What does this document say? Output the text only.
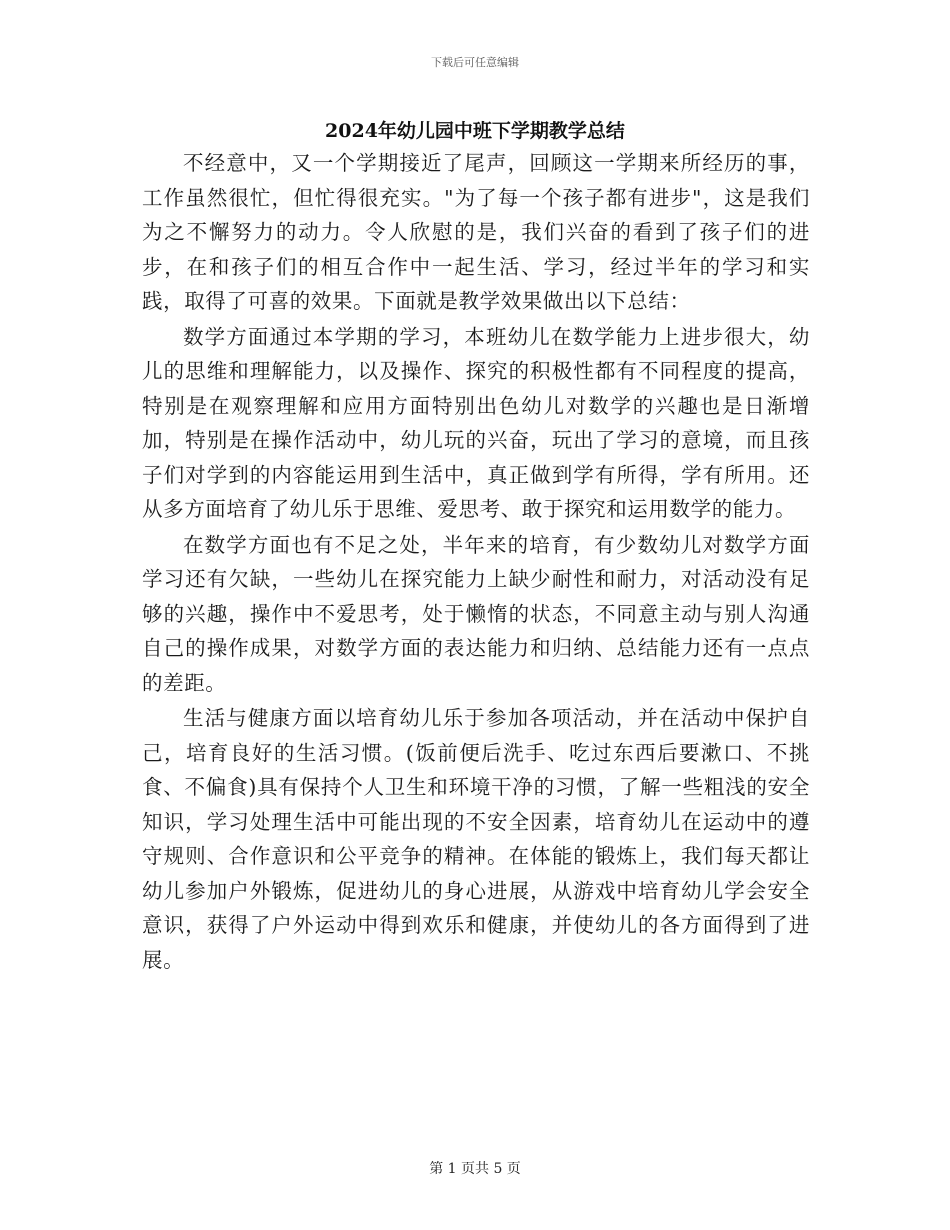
下载后可任意编辑
2024年幼儿园中班下学期教学总结

不经意中，又一个学期接近了尾声，回顾这一学期来所经历的事，工作虽然很忙，但忙得很充实。"为了每一个孩子都有进步"，这是我们为之不懈努力的动力。令人欣慰的是，我们兴奋的看到了孩子们的进步，在和孩子们的相互合作中一起生活、学习，经过半年的学习和实践，取得了可喜的效果。下面就是教学效果做出以下总结：

数学方面通过本学期的学习，本班幼儿在数学能力上进步很大，幼儿的思维和理解能力，以及操作、探究的积极性都有不同程度的提高，特别是在观察理解和应用方面特别出色幼儿对数学的兴趣也是日渐增加，特别是在操作活动中，幼儿玩的兴奋，玩出了学习的意境，而且孩子们对学到的内容能运用到生活中，真正做到学有所得，学有所用。还从多方面培育了幼儿乐于思维、爱思考、敢于探究和运用数学的能力。

在数学方面也有不足之处，半年来的培育，有少数幼儿对数学方面学习还有欠缺，一些幼儿在探究能力上缺少耐性和耐力，对活动没有足够的兴趣，操作中不爱思考，处于懒惰的状态，不同意主动与别人沟通自己的操作成果，对数学方面的表达能力和归纳、总结能力还有一点点的差距。

生活与健康方面以培育幼儿乐于参加各项活动，并在活动中保护自己，培育良好的生活习惯。(饭前便后洗手、吃过东西后要漱口、不挑食、不偏食)具有保持个人卫生和环境干净的习惯，了解一些粗浅的安全知识，学习处理生活中可能出现的不安全因素，培育幼儿在运动中的遵守规则、合作意识和公平竞争的精神。在体能的锻炼上，我们每天都让幼儿参加户外锻炼，促进幼儿的身心进展，从游戏中培育幼儿学会安全意识，获得了户外运动中得到欢乐和健康，并使幼儿的各方面得到了进展。

第 1 页共 5 页
